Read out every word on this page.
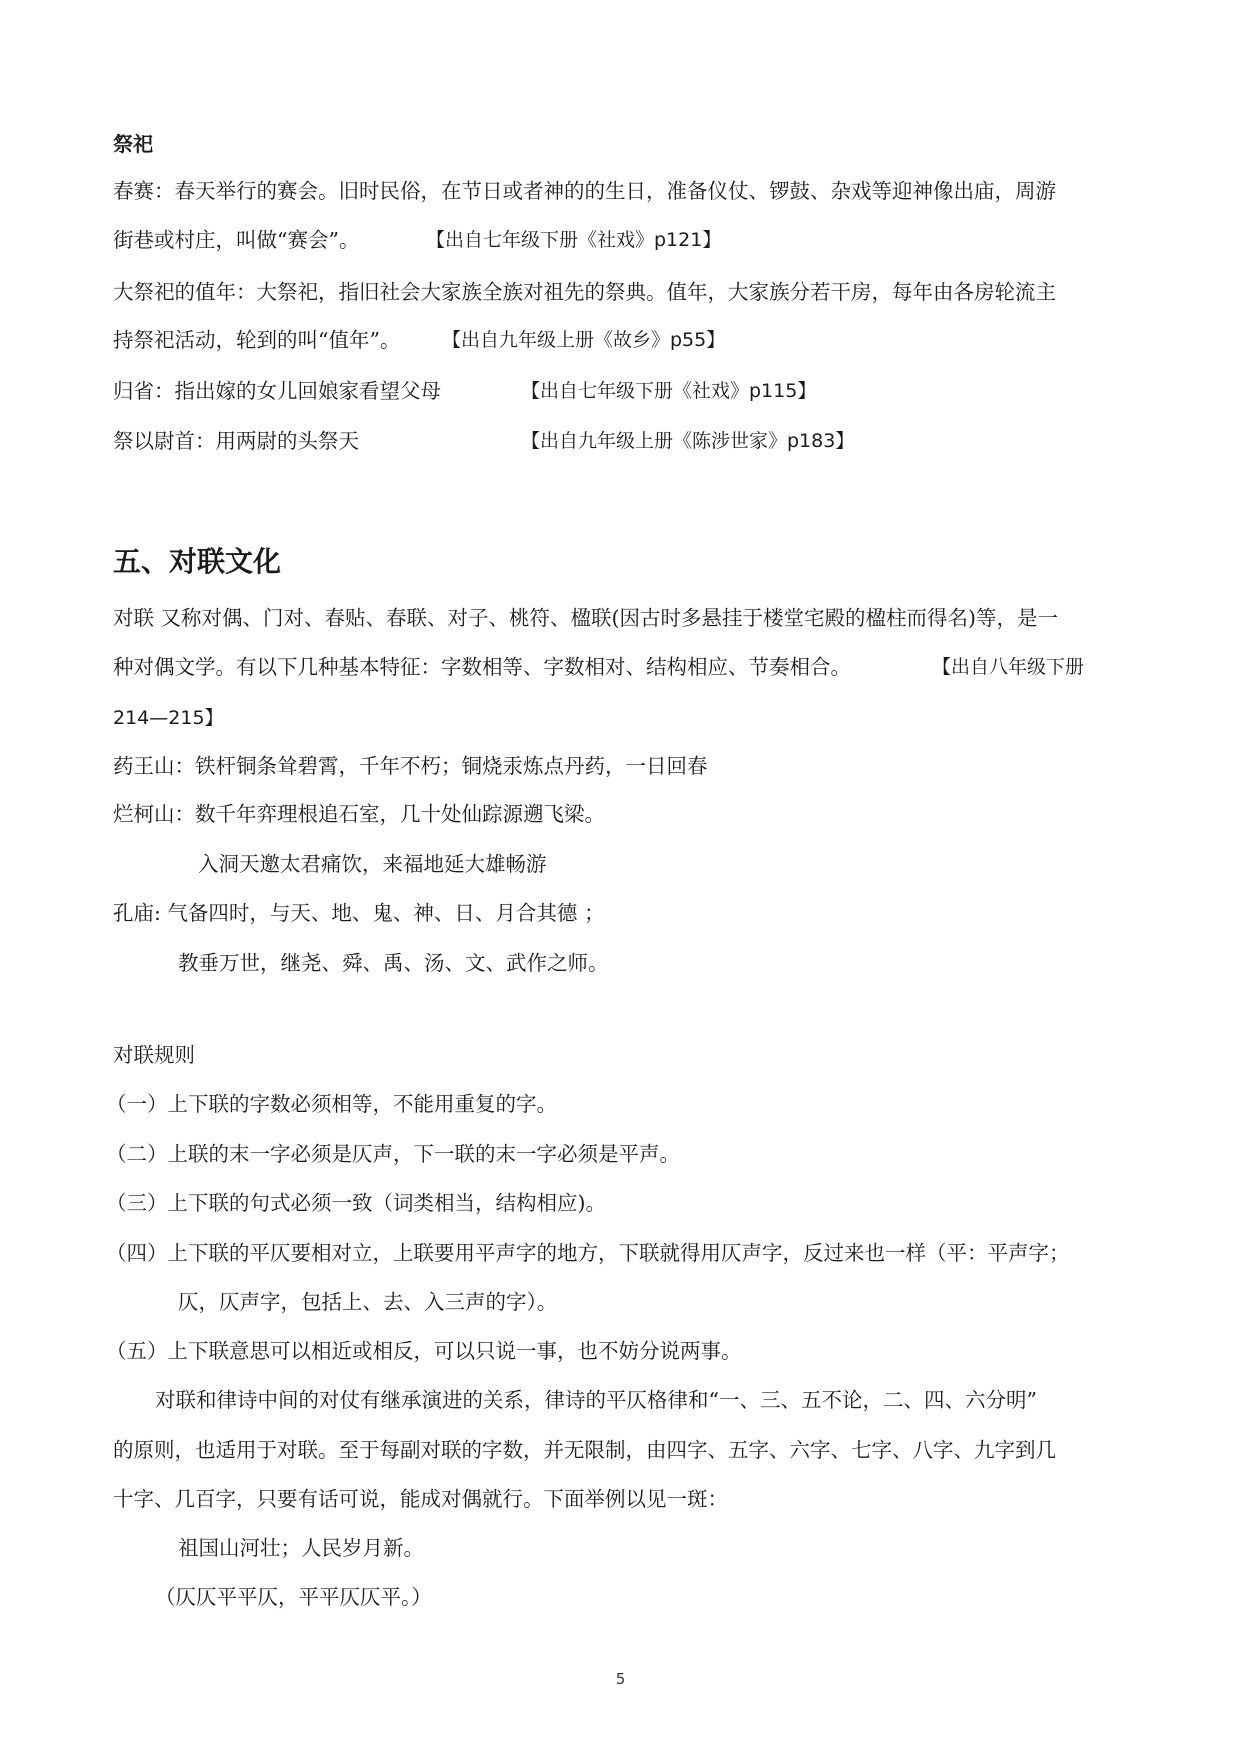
祭祀
春赛：春天举行的赛会。旧时民俗，在节日或者神的的生日，准备仪仗、锣鼓、杂戏等迎神像出庙，周游
街巷或村庄，叫做“赛会”。	【出自七年级下册《社戏》p121】
大祭祀的值年：大祭祀，指旧社会大家族全族对祖先的祭典。值年，大家族分若干房，每年由各房轮流主
持祭祀活动，轮到的叫“值年”。 【出自九年级上册《故乡》p55】
归省：指出嫁的女儿回娘家看望父母	【出自七年级下册《社戏》p115】
祭以尉首：用两尉的头祭天	【出自九年级上册《陈涉世家》p183】
五、对联文化
对联 又称对偶、门对、春贴、春联、对子、桃符、楹联(因古时多悬挂于楼堂宅殿的楹柱而得名)等，是一
种对偶文学。有以下几种基本特征：字数相等、字数相对、结构相应、节奏相合。	【出自八年级下册
214—215】
药王山：铁杆铜条耸碧霄，千年不朽；铜烧汞炼点丹药，一日回春
烂柯山：数千年弈理根追石室，几十处仙踪源遡飞梁。
入洞天邀太君痛饮，来福地延大雄畅游
孔庙: 气备四时，与天、地、鬼、神、日、月合其德 ；
教垂万世，继尧、舜、禹、汤、文、武作之师。
对联规则
（一）上下联的字数必须相等，不能用重复的字。
（二）上联的末一字必须是仄声，下一联的末一字必须是平声。
（三）上下联的句式必须一致（词类相当，结构相应)。
（四）上下联的平仄要相对立，上联要用平声字的地方，下联就得用仄声字，反过来也一样（平：平声字；
仄，仄声字，包括上、去、入三声的字）。
（五）上下联意思可以相近或相反，可以只说一事，也不妨分说两事。
对联和律诗中间的对仗有继承演进的关系，律诗的平仄格律和“一、三、五不论，二、四、六分明”
的原则，也适用于对联。至于每副对联的字数，并无限制，由四字、五字、六字、七字、八字、九字到几
十字、几百字，只要有话可说，能成对偶就行。下面举例以见一斑：
祖国山河壮；人民岁月新。
（仄仄平平仄，平平仄仄平。）
5
